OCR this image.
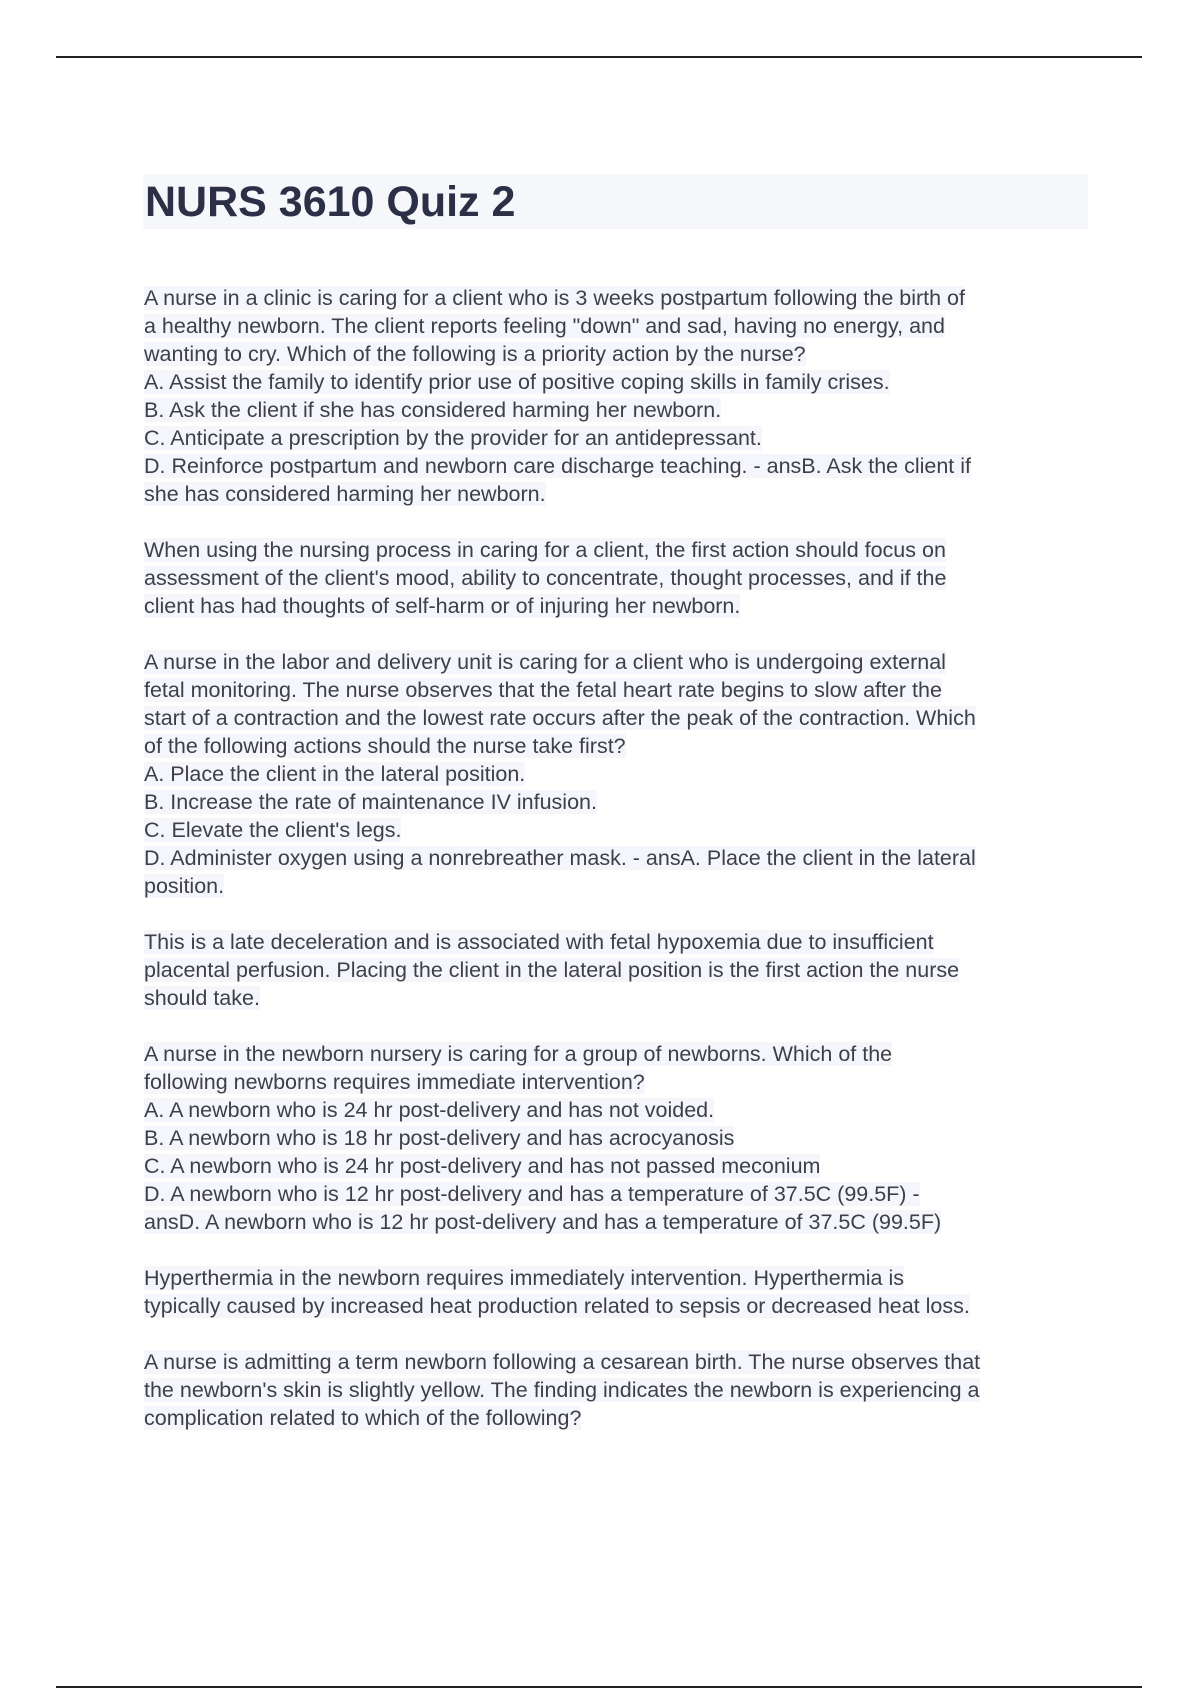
NURS 3610 Quiz 2
A nurse in a clinic is caring for a client who is 3 weeks postpartum following the birth of
a healthy newborn. The client reports feeling "down" and sad, having no energy, and
wanting to cry. Which of the following is a priority action by the nurse?
A. Assist the family to identify prior use of positive coping skills in family crises.
B. Ask the client if she has considered harming her newborn.
C. Anticipate a prescription by the provider for an antidepressant.
D. Reinforce postpartum and newborn care discharge teaching. - ansB. Ask the client if
she has considered harming her newborn.
When using the nursing process in caring for a client, the first action should focus on
assessment of the client's mood, ability to concentrate, thought processes, and if the
client has had thoughts of self-harm or of injuring her newborn.
A nurse in the labor and delivery unit is caring for a client who is undergoing external
fetal monitoring. The nurse observes that the fetal heart rate begins to slow after the
start of a contraction and the lowest rate occurs after the peak of the contraction. Which
of the following actions should the nurse take first?
A. Place the client in the lateral position.
B. Increase the rate of maintenance IV infusion.
C. Elevate the client's legs.
D. Administer oxygen using a nonrebreather mask. - ansA. Place the client in the lateral
position.
This is a late deceleration and is associated with fetal hypoxemia due to insufficient
placental perfusion. Placing the client in the lateral position is the first action the nurse
should take.
A nurse in the newborn nursery is caring for a group of newborns. Which of the
following newborns requires immediate intervention?
A. A newborn who is 24 hr post-delivery and has not voided.
B. A newborn who is 18 hr post-delivery and has acrocyanosis
C. A newborn who is 24 hr post-delivery and has not passed meconium
D. A newborn who is 12 hr post-delivery and has a temperature of 37.5C (99.5F) -
ansD. A newborn who is 12 hr post-delivery and has a temperature of 37.5C (99.5F)
Hyperthermia in the newborn requires immediately intervention. Hyperthermia is
typically caused by increased heat production related to sepsis or decreased heat loss.
A nurse is admitting a term newborn following a cesarean birth. The nurse observes that
the newborn's skin is slightly yellow. The finding indicates the newborn is experiencing a
complication related to which of the following?
